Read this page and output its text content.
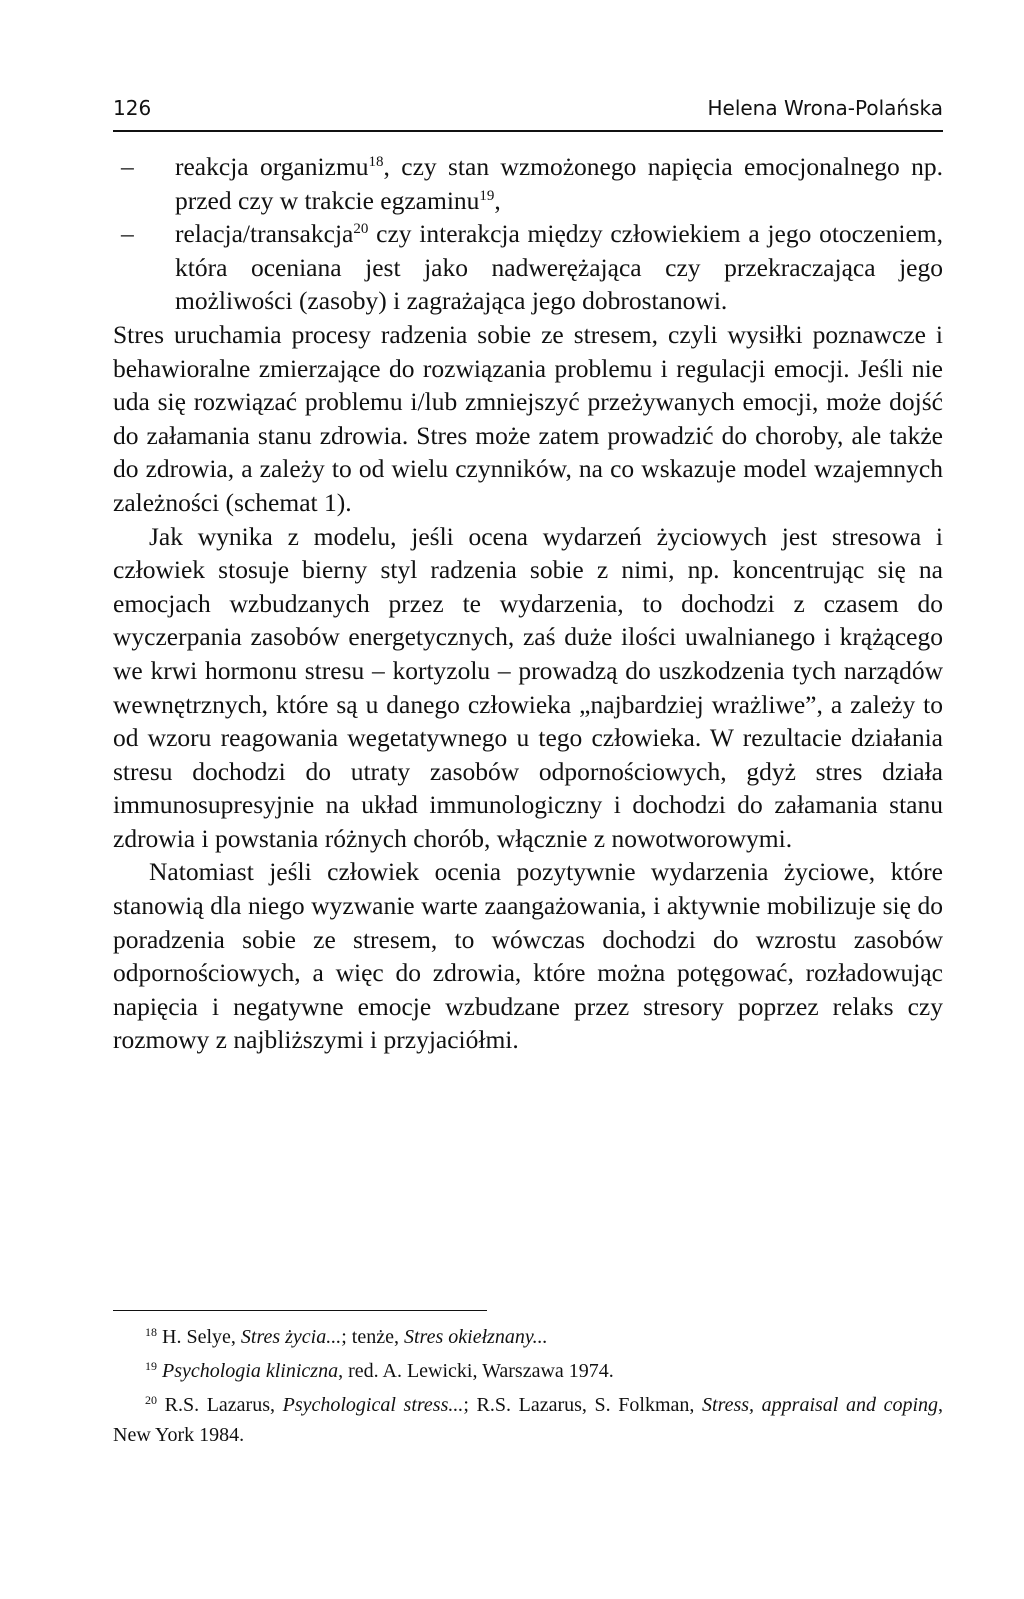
126	Helena Wrona-Polańska
– reakcja organizmu$^{18}$, czy stan wzmożonego napięcia emocjonalnego np. przed czy w trakcie egzaminu$^{19}$,
– relacja/transakcja$^{20}$ czy interakcja między człowiekiem a jego otoczeniem, która oceniana jest jako nadwerężająca czy przekraczająca jego możliwości (zasoby) i zagrażająca jego dobrostanowi.

Stres uruchamia procesy radzenia sobie ze stresem, czyli wysiłki poznawcze i behawioralne zmierzające do rozwiązania problemu i regulacji emocji. Jeśli nie uda się rozwiązać problemu i/lub zmniejszyć przeżywanych emocji, może dojść do załamania stanu zdrowia. Stres może zatem prowadzić do choroby, ale także do zdrowia, a zależy to od wielu czynników, na co wskazuje model wzajemnych zależności (schemat 1).

Jak wynika z modelu, jeśli ocena wydarzeń życiowych jest stresowa i człowiek stosuje bierny styl radzenia sobie z nimi, np. koncentrując się na emocjach wzbudzanych przez te wydarzenia, to dochodzi z czasem do wyczerpania zasobów energetycznych, zaś duże ilości uwalnianego i krążącego we krwi hormonu stresu – kortyzolu – prowadzą do uszkodzenia tych narządów wewnętrznych, które są u danego człowieka „najbardziej wrażliwe”, a zależy to od wzoru reagowania wegetatywnego u tego człowieka. W rezultacie działania stresu dochodzi do utraty zasobów odpornościowych, gdyż stres działa immunosupresyjnie na układ immunologiczny i dochodzi do załamania stanu zdrowia i powstania różnych chorób, włącznie z nowotworowymi.

Natomiast jeśli człowiek ocenia pozytywnie wydarzenia życiowe, które stanowią dla niego wyzwanie warte zaangażowania, i aktywnie mobilizuje się do poradzenia sobie ze stresem, to wówczas dochodzi do wzrostu zasobów odpornościowych, a więc do zdrowia, które można potęgować, rozładowując napięcia i negatywne emocje wzbudzane przez stresory poprzez relaks czy rozmowy z najbliższymi i przyjaciółmi.

$^{18}$ H. Selye, Stres życia...; tenże, Stres okiełznany...

$^{19}$ Psychologia kliniczna, red. A. Lewicki, Warszawa 1974.

$^{20}$ R.S. Lazarus, Psychological stress...; R.S. Lazarus, S. Folkman, Stress, appraisal and coping, New York 1984.
